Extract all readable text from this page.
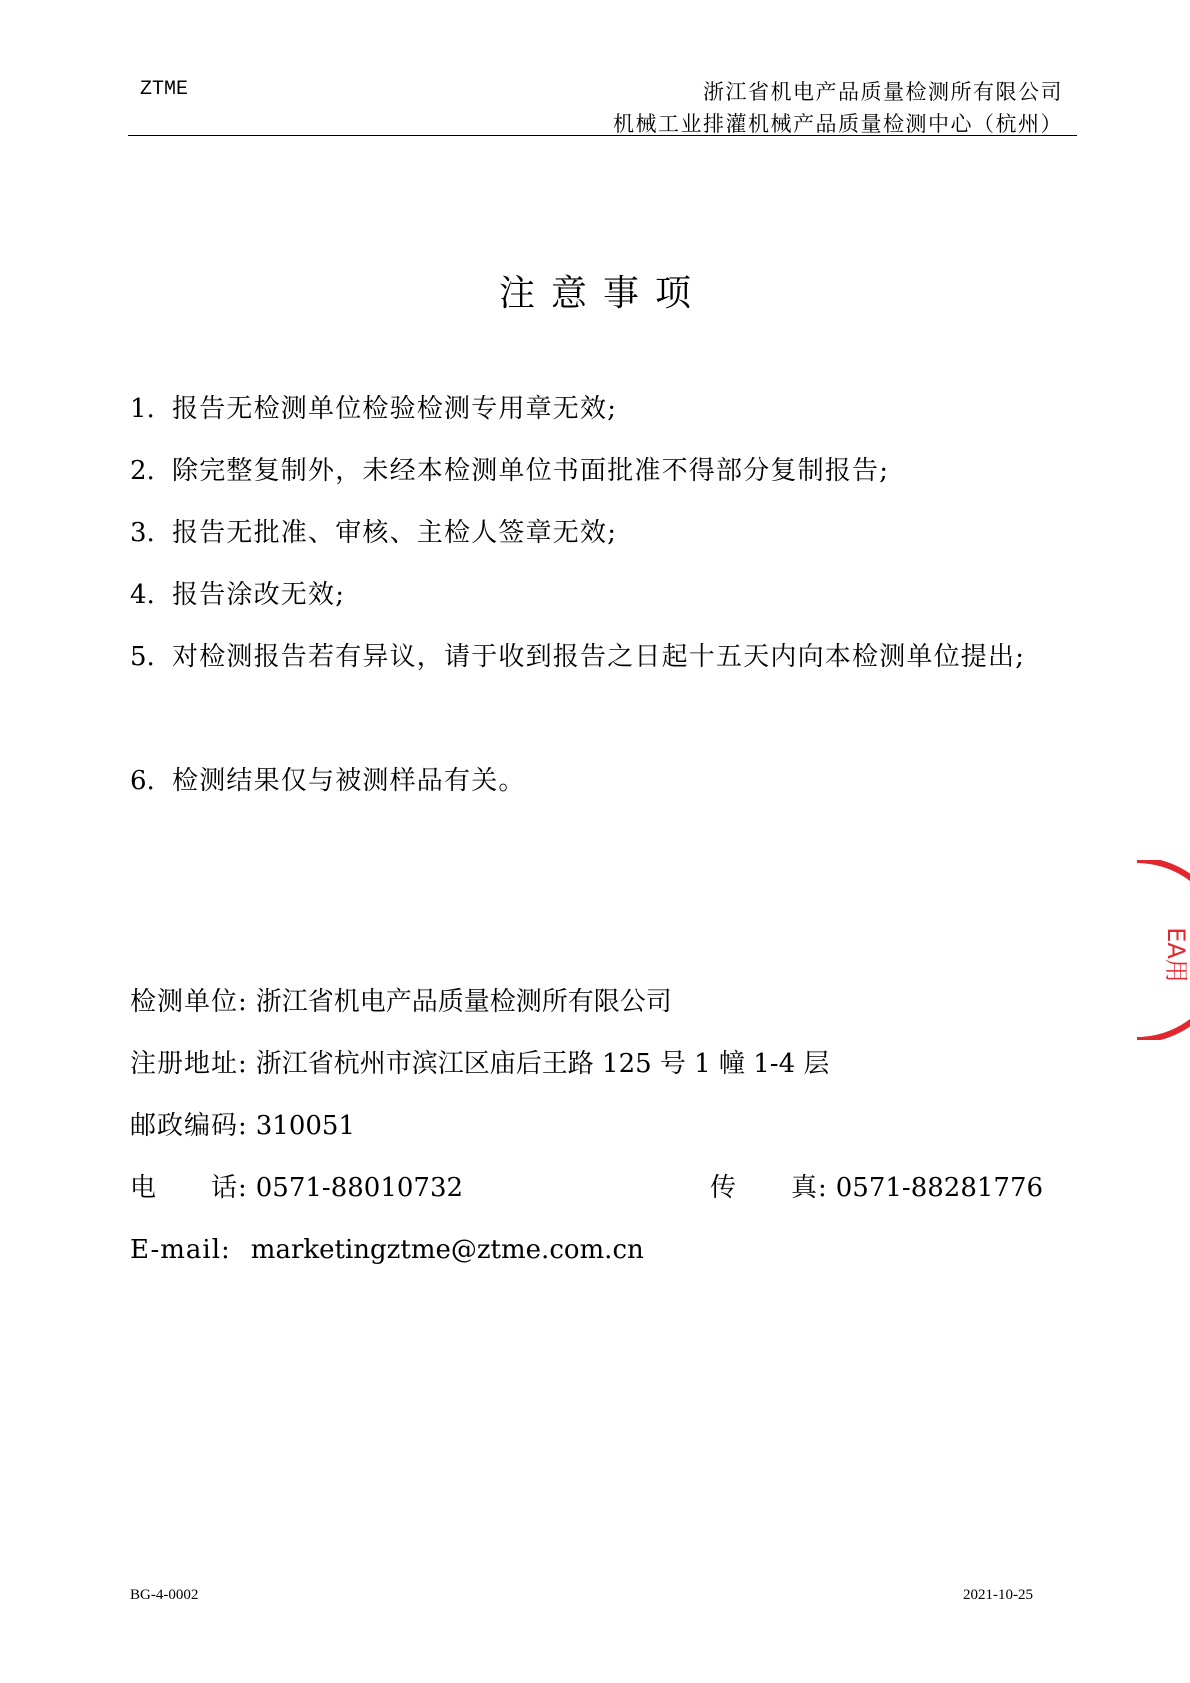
ZTME	浙江省机电产品质量检测所有限公司
机械工业排灌机械产品质量检测中心（杭州）
注意事项
1. 报告无检测单位检验检测专用章无效;
2. 除完整复制外，未经本检测单位书面批准不得部分复制报告;
3. 报告无批准、审核、主检人签章无效;
4. 报告涂改无效;
5. 对检测报告若有异议，请于收到报告之日起十五天内向本检测单位提出;
6. 检测结果仅与被测样品有关。
检测单位: 浙江省机电产品质量检测所有限公司
注册地址: 浙江省杭州市滨江区庙后王路 125 号 1 幢 1-4 层
邮政编码: 310051
电　　话: 0571-88010732	传　　真: 0571-88281776
E-mail: marketingztme@ztme.com.cn
BG-4-0002	2021-10-25
EA用
